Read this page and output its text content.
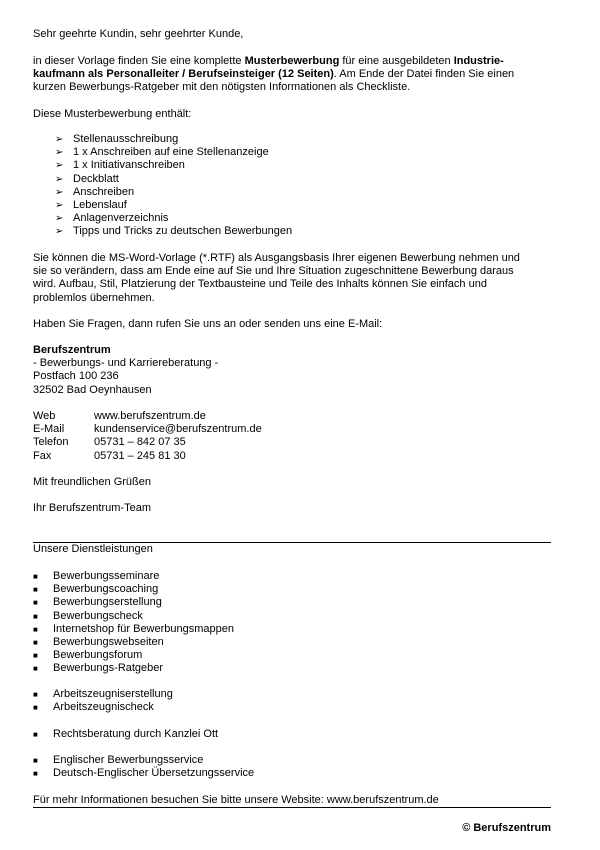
Sehr geehrte Kundin, sehr geehrter Kunde,

in dieser Vorlage finden Sie eine komplette Musterbewerbung für eine ausgebildeten Industrie-

kaufmann als Personalleiter / Berufseinsteiger (12 Seiten). Am Ende der Datei finden Sie einen

kurzen Bewerbungs-Ratgeber mit den nötigsten Informationen als Checkliste.

Diese Musterbewerbung enthält:

➢ Stellenausschreibung
➢ 1 x Anschreiben auf eine Stellenanzeige
➢ 1 x Initiativanschreiben
➢ Deckblatt
➢ Anschreiben
➢ Lebenslauf
➢ Anlagenverzeichnis
➢ Tipps und Tricks zu deutschen Bewerbungen

Sie können die MS-Word-Vorlage (*.RTF) als Ausgangsbasis Ihrer eigenen Bewerbung nehmen und

sie so verändern, dass am Ende eine auf Sie und Ihre Situation zugeschnittene Bewerbung daraus

wird. Aufbau, Stil, Platzierung der Textbausteine und Teile des Inhalts können Sie einfach und

problemlos übernehmen.

Haben Sie Fragen, dann rufen Sie uns an oder senden uns eine E-Mail:

Berufszentrum

- Bewerbungs- und Karriereberatung -

Postfach 100 236

32502 Bad Oeynhausen

Web	www.berufszentrum.de
E-Mail	kundenservice@berufszentrum.de
Telefon 05731 – 842 07 35
Fax	05731 – 245 81 30

Mit freundlichen Grüßen

Ihr Berufszentrum-Team

Unsere Dienstleistungen

■ Bewerbungsseminare
■ Bewerbungscoaching
■ Bewerbungserstellung
■ Bewerbungscheck
■ Internetshop für Bewerbungsmappen
■ Bewerbungswebseiten
■ Bewerbungsforum
■ Bewerbungs-Ratgeber
■ Arbeitszeugniserstellung
■ Arbeitszeugnischeck
■ Rechtsberatung durch Kanzlei Ott
■ Englischer Bewerbungsservice
■ Deutsch-Englischer Übersetzungsservice

Für mehr Informationen besuchen Sie bitte unsere Website: www.berufszentrum.de

© Berufszentrum
